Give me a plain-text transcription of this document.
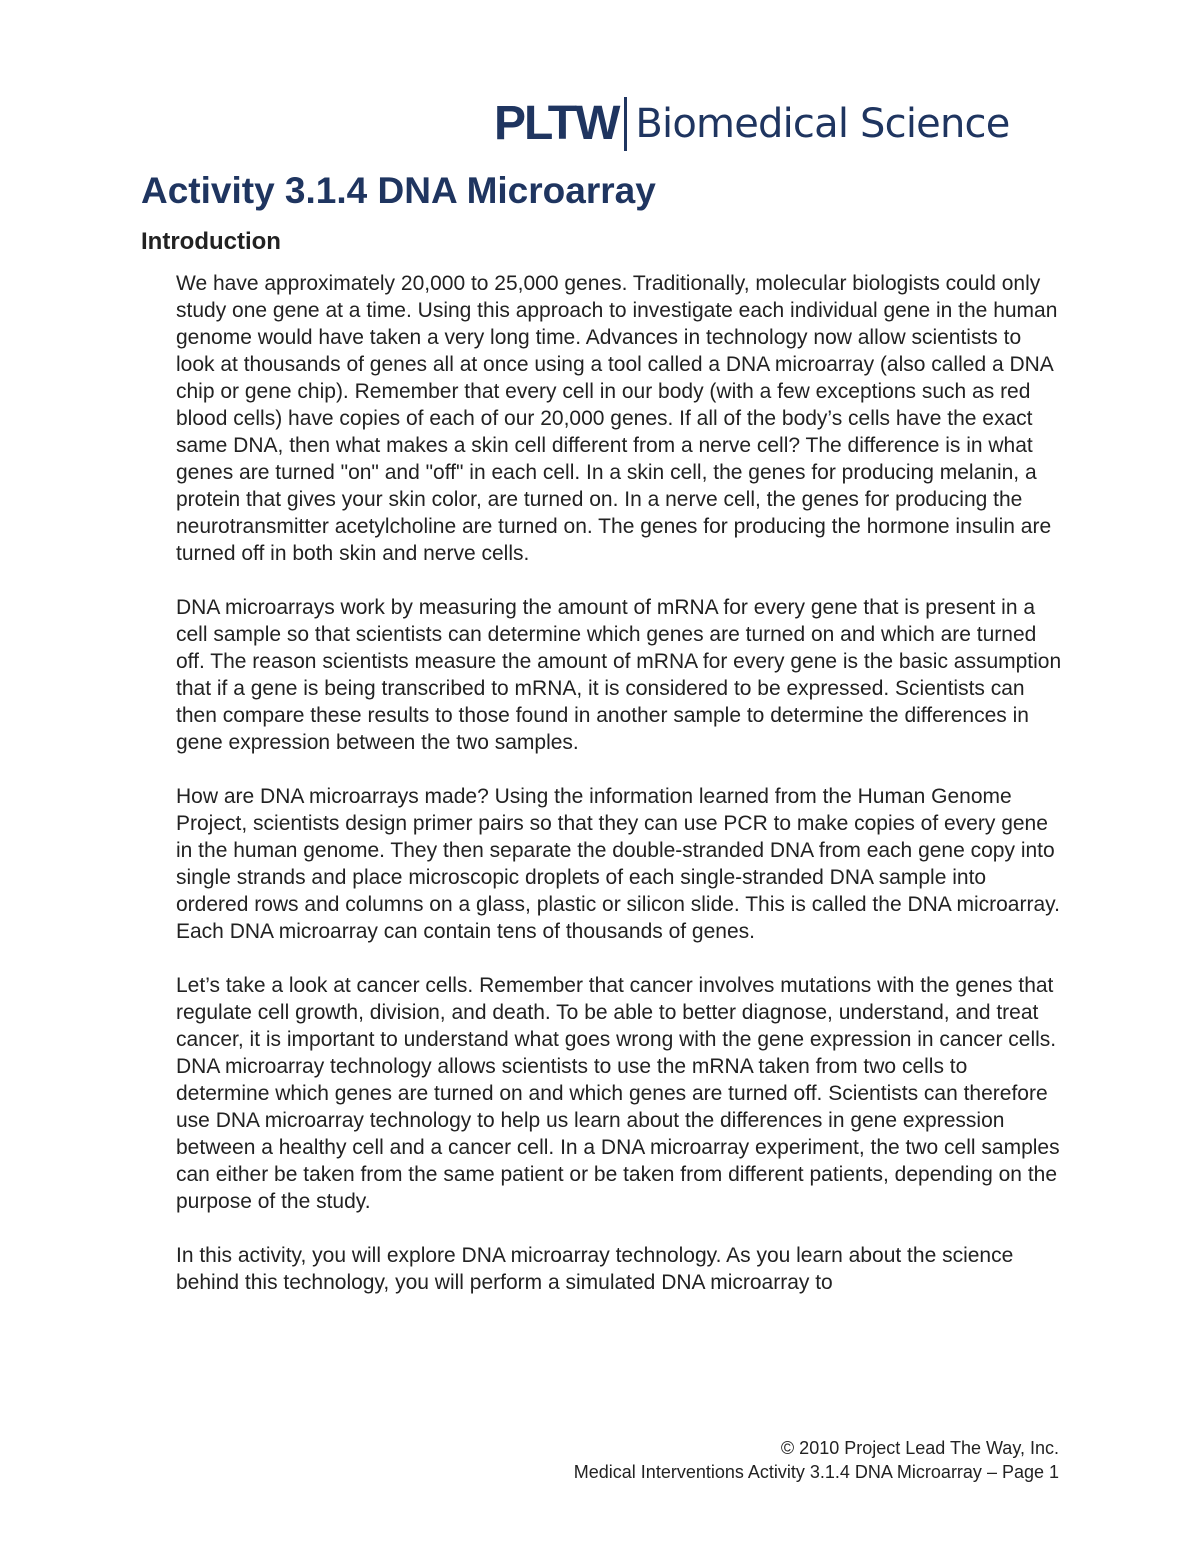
PLTW Biomedical Science
Activity 3.1.4 DNA Microarray
Introduction

We have approximately 20,000 to 25,000 genes. Traditionally, molecular biologists could only study one gene at a time. Using this approach to investigate each individual gene in the human genome would have taken a very long time. Advances in technology now allow scientists to look at thousands of genes all at once using a tool called a DNA microarray (also called a DNA chip or gene chip). Remember that every cell in our body (with a few exceptions such as red blood cells) have copies of each of our 20,000 genes. If all of the body’s cells have the exact same DNA, then what makes a skin cell different from a nerve cell? The difference is in what genes are turned "on" and "off" in each cell. In a skin cell, the genes for producing melanin, a protein that gives your skin color, are turned on. In a nerve cell, the genes for producing the neurotransmitter acetylcholine are turned on. The genes for producing the hormone insulin are turned off in both skin and nerve cells.

DNA microarrays work by measuring the amount of mRNA for every gene that is present in a cell sample so that scientists can determine which genes are turned on and which are turned off. The reason scientists measure the amount of mRNA for every gene is the basic assumption that if a gene is being transcribed to mRNA, it is considered to be expressed. Scientists can then compare these results to those found in another sample to determine the differences in gene expression between the two samples.

How are DNA microarrays made? Using the information learned from the Human Genome Project, scientists design primer pairs so that they can use PCR to make copies of every gene in the human genome. They then separate the double-stranded DNA from each gene copy into single strands and place microscopic droplets of each single-stranded DNA sample into ordered rows and columns on a glass, plastic or silicon slide. This is called the DNA microarray. Each DNA microarray can contain tens of thousands of genes.

Let’s take a look at cancer cells. Remember that cancer involves mutations with the genes that regulate cell growth, division, and death. To be able to better diagnose, understand, and treat cancer, it is important to understand what goes wrong with the gene expression in cancer cells. DNA microarray technology allows scientists to use the mRNA taken from two cells to determine which genes are turned on and which genes are turned off. Scientists can therefore use DNA microarray technology to help us learn about the differences in gene expression between a healthy cell and a cancer cell. In a DNA microarray experiment, the two cell samples can either be taken from the same patient or be taken from different patients, depending on the purpose of the study.

In this activity, you will explore DNA microarray technology. As you learn about the science behind this technology, you will perform a simulated DNA microarray to

© 2010 Project Lead The Way, Inc.
Medical Interventions Activity 3.1.4 DNA Microarray – Page 1
